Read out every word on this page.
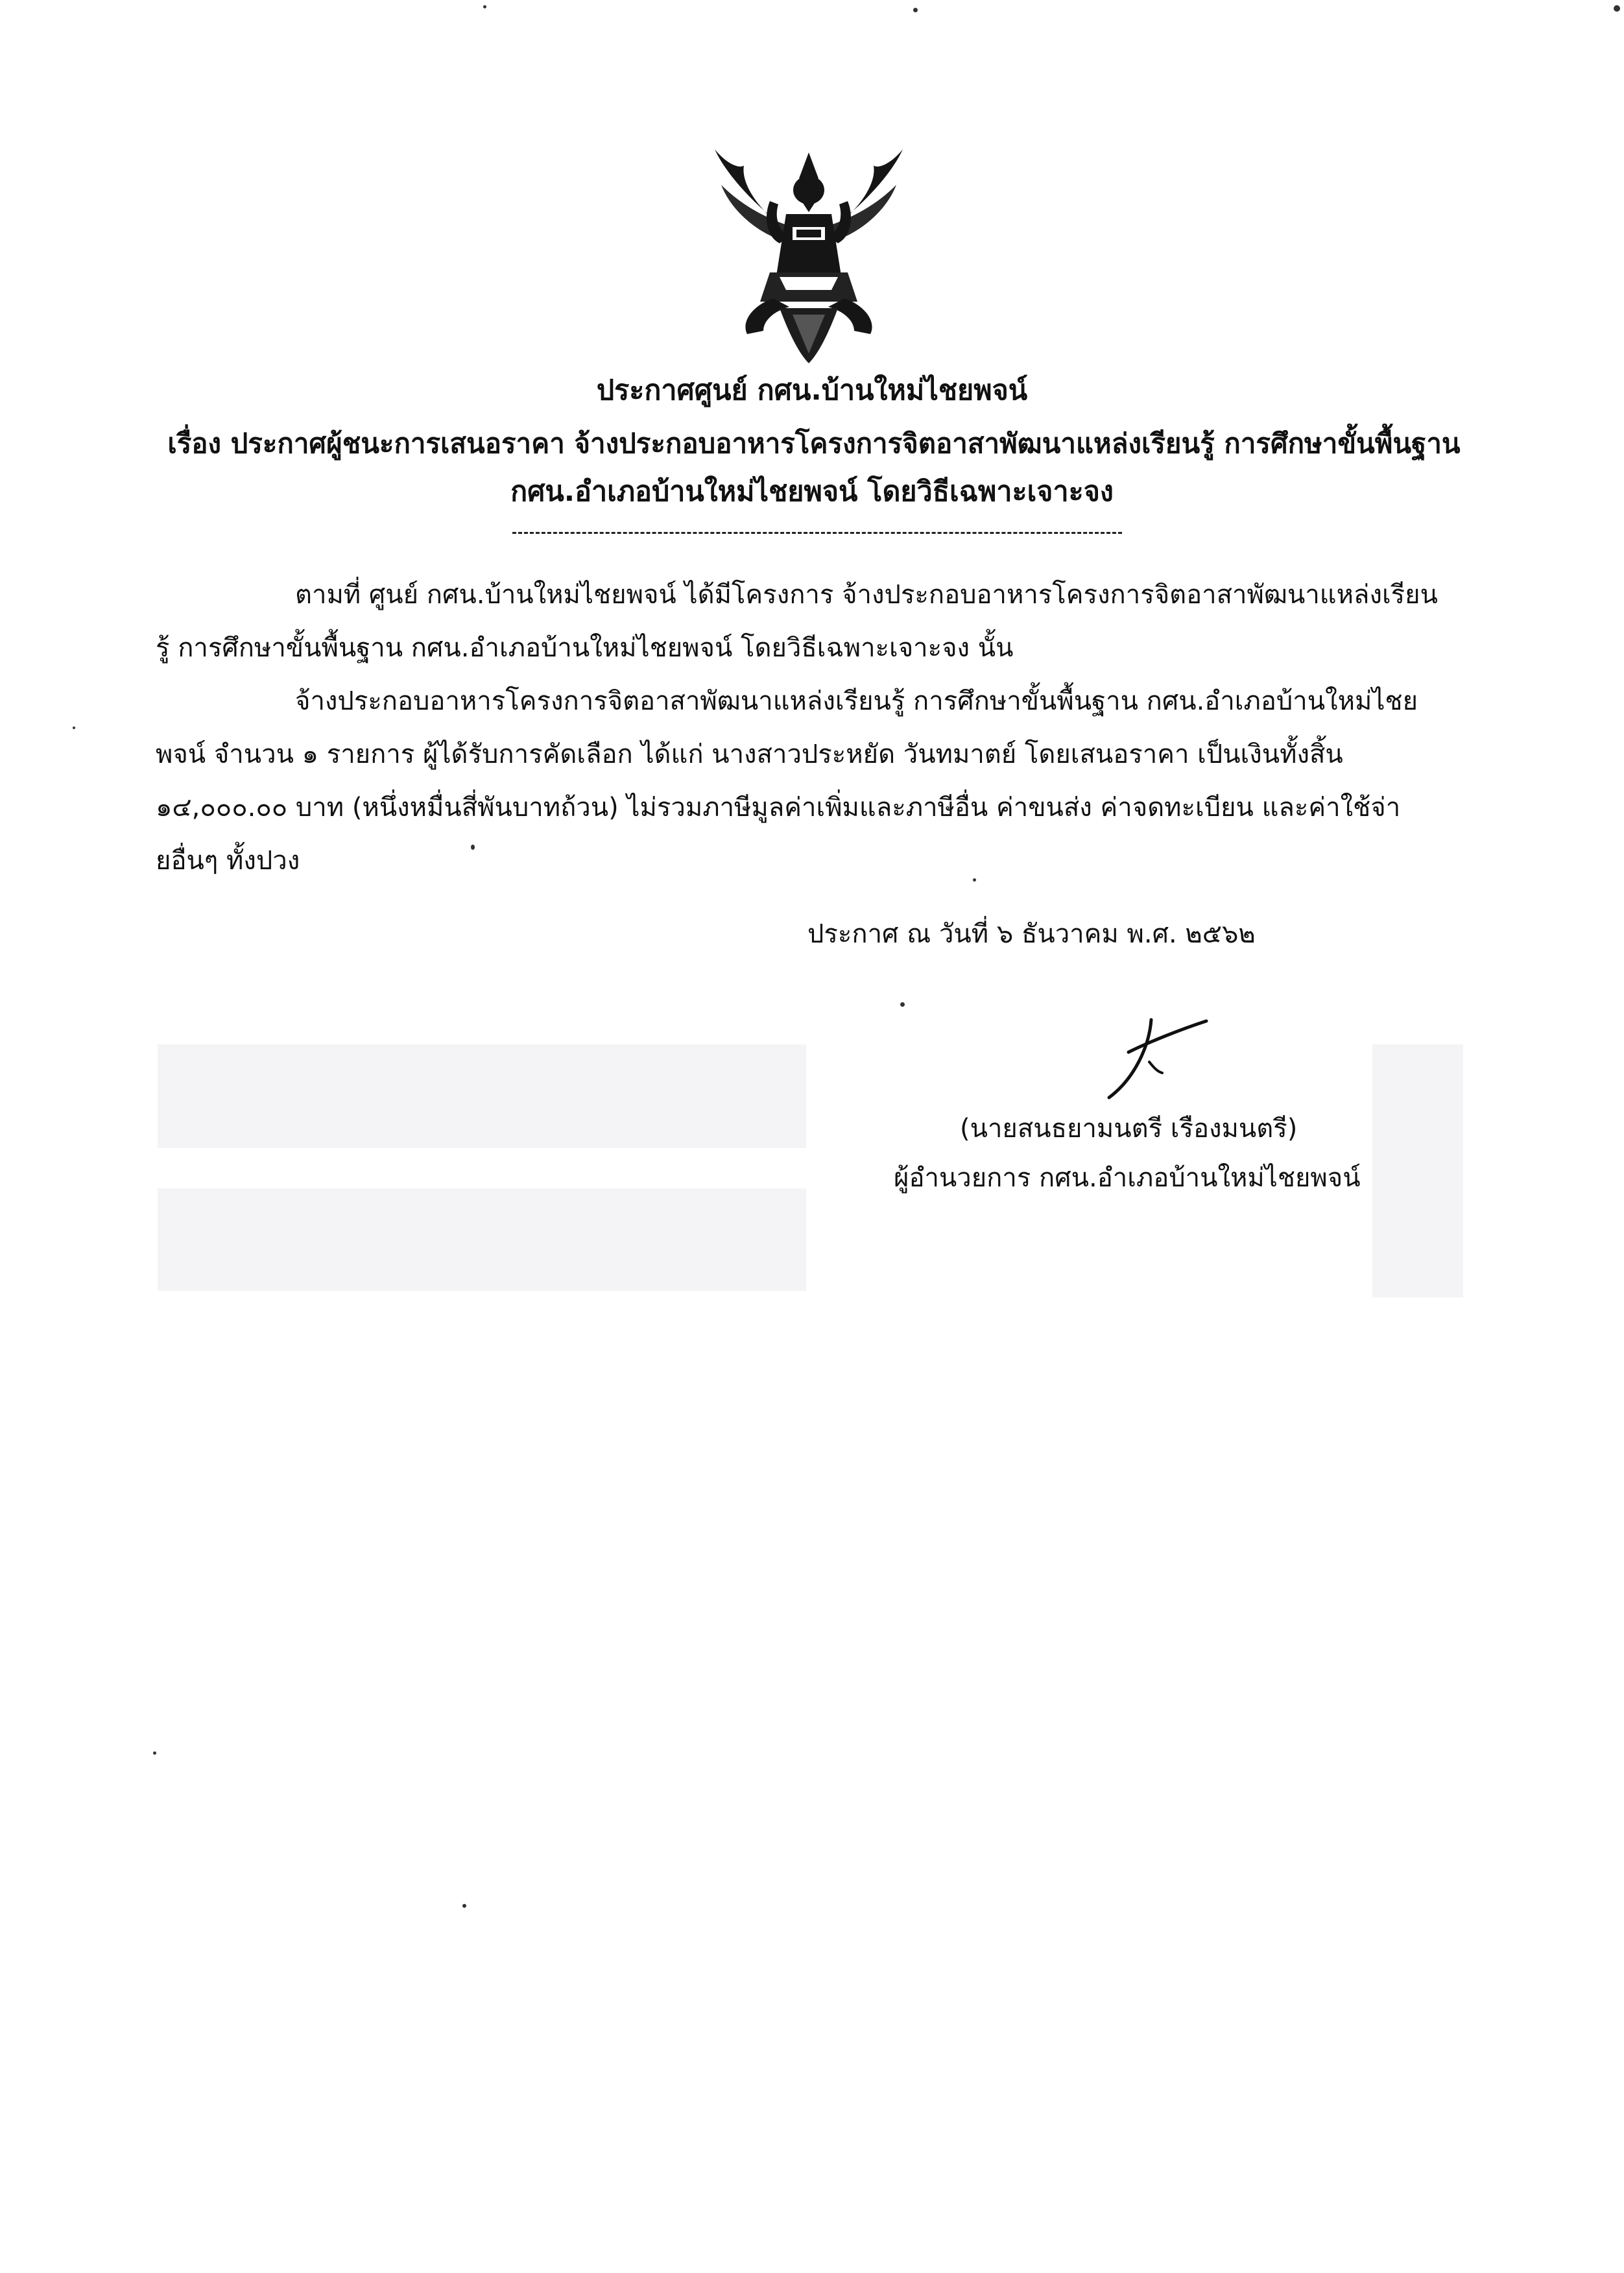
ประกาศศูนย์ กศน.บ้านใหม่ไชยพจน์
เรื่อง ประกาศผู้ชนะการเสนอราคา จ้างประกอบอาหารโครงการจิตอาสาพัฒนาแหล่งเรียนรู้ การศึกษาขั้นพื้นฐาน
กศน.อำเภอบ้านใหม่ไชยพจน์ โดยวิธีเฉพาะเจาะจง
ตามที่ ศูนย์ กศน.บ้านใหม่ไชยพจน์ ได้มีโครงการ จ้างประกอบอาหารโครงการจิตอาสาพัฒนาแหล่งเรียนรู้ การศึกษาขั้นพื้นฐาน กศน.อำเภอบ้านใหม่ไชยพจน์ โดยวิธีเฉพาะเจาะจง นั้น
จ้างประกอบอาหารโครงการจิตอาสาพัฒนาแหล่งเรียนรู้ การศึกษาขั้นพื้นฐาน กศน.อำเภอบ้านใหม่ไชยพจน์ จำนวน ๑ รายการ ผู้ได้รับการคัดเลือก ได้แก่ นางสาวประหยัด วันทมาตย์ โดยเสนอราคา เป็นเงินทั้งสิ้น ๑๔,๐๐๐.๐๐ บาท (หนึ่งหมื่นสี่พันบาทถ้วน) ไม่รวมภาษีมูลค่าเพิ่มและภาษีอื่น ค่าขนส่ง ค่าจดทะเบียน และค่าใช้จ่ายอื่นๆ ทั้งปวง
ประกาศ ณ วันที่ ๖ ธันวาคม พ.ศ. ๒๕๖๒
(นายสนธยามนตรี เรืองมนตรี)
ผู้อำนวยการ กศน.อำเภอบ้านใหม่ไชยพจน์
